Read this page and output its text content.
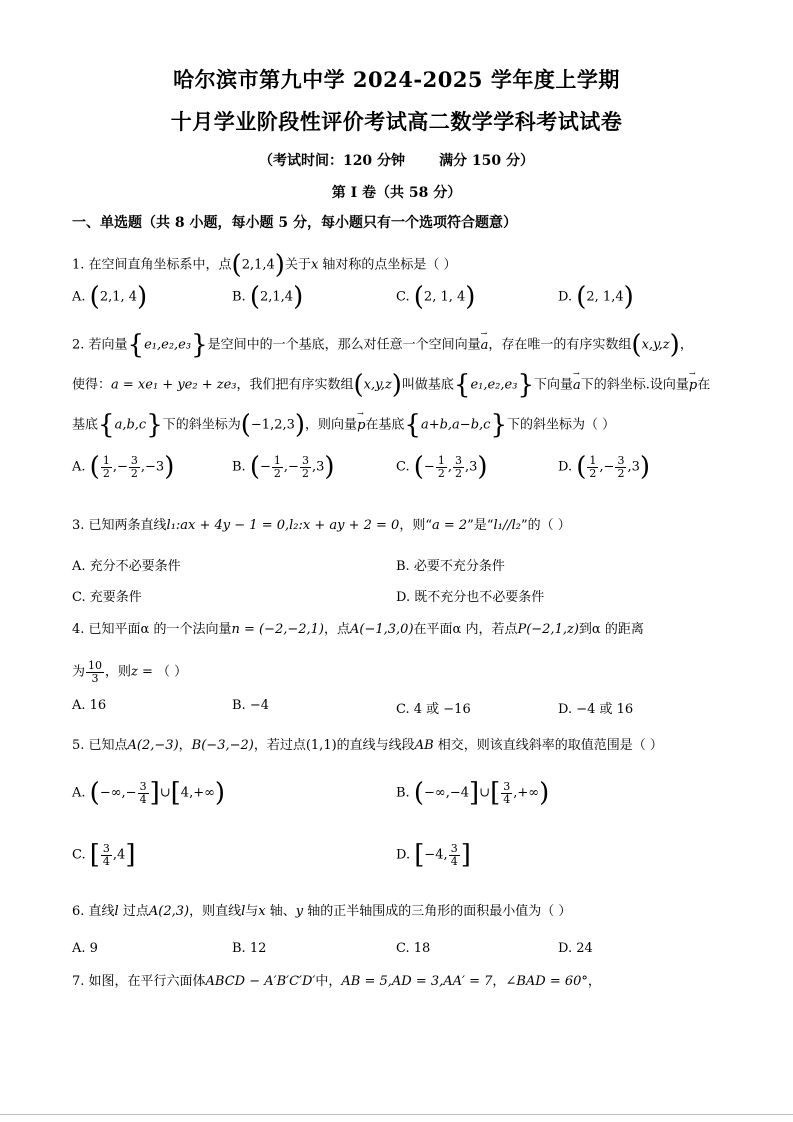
哈尔滨市第九中学 2024-2025 学年度上学期
十月学业阶段性评价考试高二数学学科考试试卷
（考试时间：120 分钟 满分 150 分）
第 I 卷（共 58 分）
一、单选题（共 8 小题，每小题 5 分，每小题只有一个选项符合题意）
1. 在空间直角坐标系中，点(2,1,4)关于x 轴对称的点坐标是（ ）
A. (2,1, 4)	B. (2,1,4)	C. (2, 1, 4)	D. (2, 1,4)
2. 若向量{e₁,e₂,e₃}是空间中的一个基底，那么对任意一个空间向量→ a，存在唯一的有序实数组(x,y,z)，
使得：a = xe₁ + ye₂ + ze₃，我们把有序实数组(x,y,z)叫做基底{e₁,e₂,e₃}下向量→ a下的斜坐标.设向量→ p在
基底{a,b,c}下的斜坐标为(−1,2,3)，则向量→ p在基底{a+b,a−b,c}下的斜坐标为（ ）
A. ( $\frac{1}{2}$ ,− $\frac{3}{2} ,-3$)	B. (− $\frac{1}{2}$ ,− $\frac{3}{2} ,3$)	C. (− $\frac{1}{2}$ , $\frac{3}{2} ,3$)	D. ( $\frac{1}{2}$ ,− $\frac{3}{2} ,3$)
3. 已知两条直线l₁:ax + 4y − 1 = 0,l₂:x + ay + 2 = 0，则“a = 2”是“l₁//l₂”的（ ）
A. 充分不必要条件	B. 必要不充分条件
C. 充要条件	D. 既不充分也不必要条件
4. 已知平面α 的一个法向量n = (−2,−2,1)，点A(−1,3,0)在平面α 内，若点P(−2,1,z)到α 的距离
为 $\frac{10}{3}$ ，则z = （ ）
A. 16	B. −4	C. 4 或 −16	D. −4 或 16
5. 已知点A(2,−3)，B(−3,−2)，若过点(1,1)的直线与线段AB 相交，则该直线斜率的取值范围是（ ）
A. (−∞,− $\frac{3}{4}$ ]∪[4,+∞)	B. (−∞,−4]∪[ $\frac{3}{4}$ ,+∞)
C. [ $\frac{3}{4} ,4$]	D. [−4, $\frac{3}{4}$ ]
6. 直线l 过点A(2,3)，则直线l与x 轴、y 轴的正半轴围成的三角形的面积最小值为（ ）
A. 9	B. 12	C. 18	D. 24
7. 如图，在平行六面体ABCD − A′B′C′D′中，AB = 5,AD = 3,AA′ = 7，∠BAD = 60°，
